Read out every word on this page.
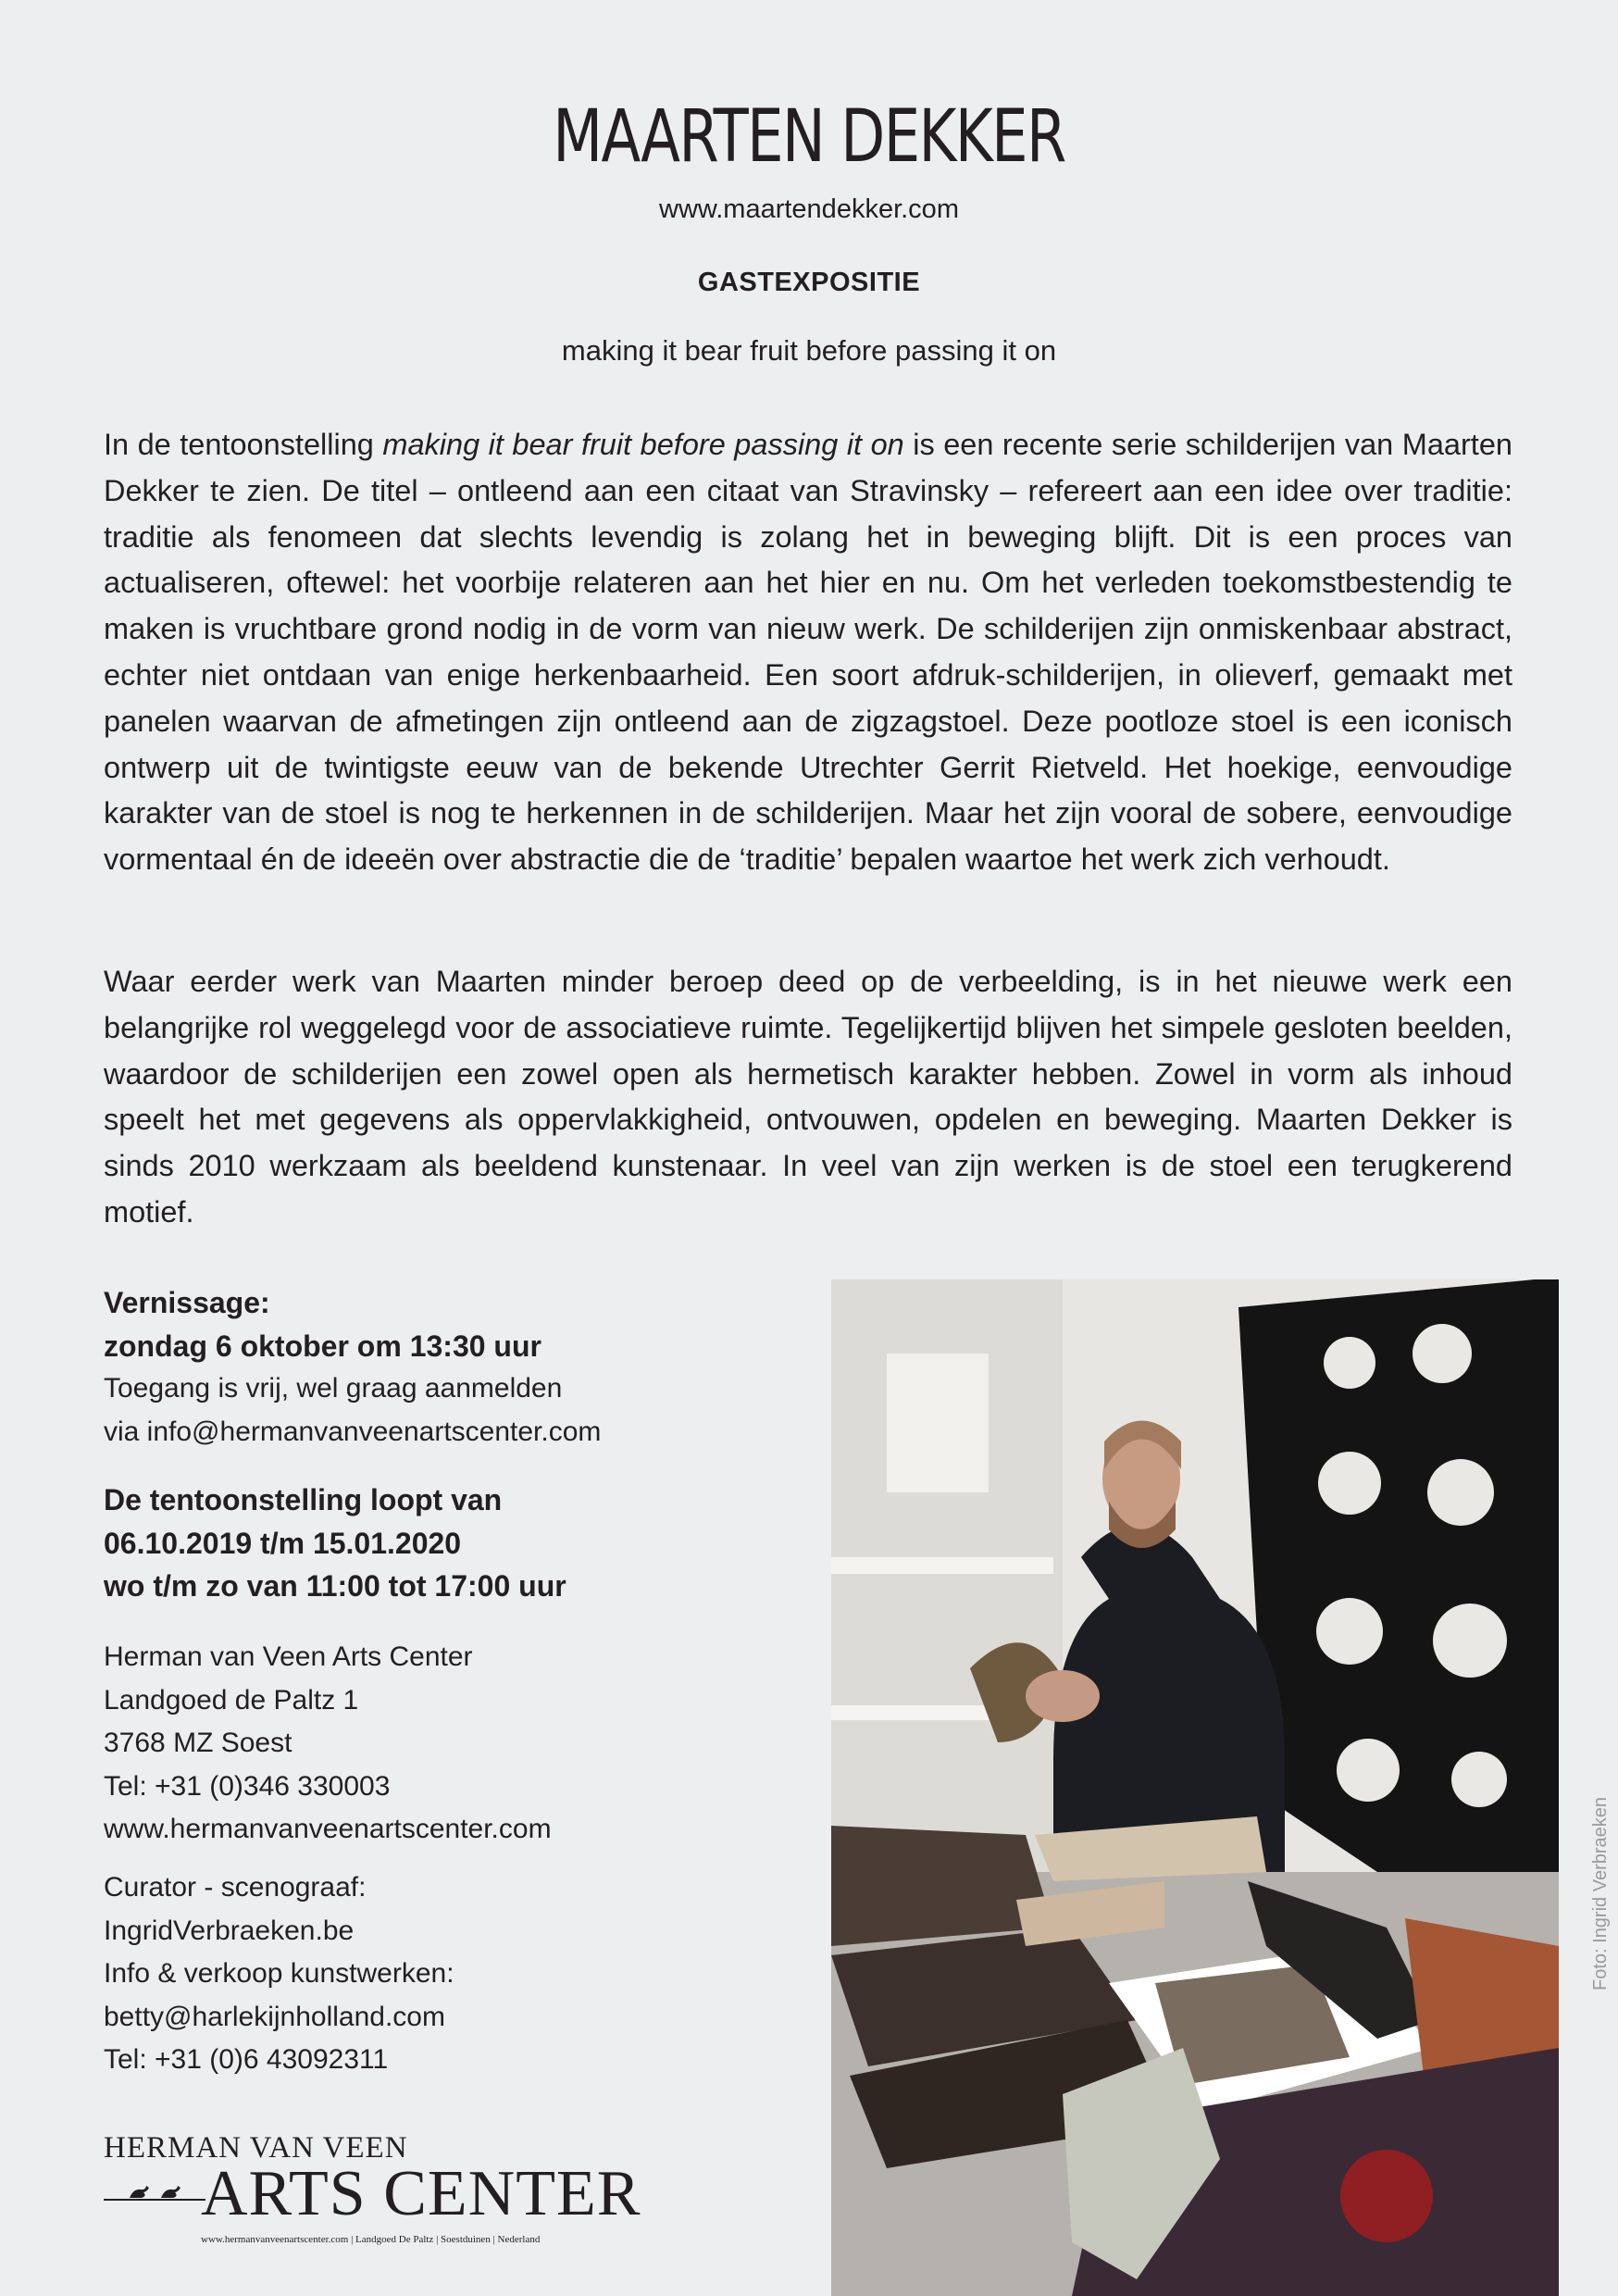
MAARTEN DEKKER
www.maartendekker.com
GASTEXPOSITIE
making it bear fruit before passing it on

In de tentoonstelling making it bear fruit before passing it on is een recente serie schilderijen van Maarten Dekker te zien. De titel – ontleend aan een citaat van Stravinsky – refereert aan een idee over traditie: traditie als fenomeen dat slechts levendig is zolang het in beweging blijft. Dit is een proces van actualiseren, oftewel: het voorbije relateren aan het hier en nu. Om het verleden toekomstbestendig te maken is vruchtbare grond nodig in de vorm van nieuw werk. De schilderijen zijn onmiskenbaar abstract, echter niet ontdaan van enige herkenbaarheid. Een soort afdruk-schilderijen, in olieverf, gemaakt met panelen waarvan de afmetingen zijn ontleend aan de zigzagstoel. Deze pootloze stoel is een iconisch ontwerp uit de twintigste eeuw van de bekende Utrechter Gerrit Rietveld. Het hoekige, eenvoudige karakter van de stoel is nog te herkennen in de schilderijen. Maar het zijn vooral de sobere, eenvoudige vormentaal én de ideeën over abstractie die de ‘traditie’ bepalen waartoe het werk zich verhoudt.

Waar eerder werk van Maarten minder beroep deed op de verbeelding, is in het nieuwe werk een belangrijke rol weggelegd voor de associatieve ruimte. Tegelijkertijd blijven het simpele gesloten beelden, waardoor de schilderijen een zowel open als hermetisch karakter hebben. Zowel in vorm als inhoud speelt het met gegevens als oppervlakkigheid, ontvouwen, opdelen en beweging. Maarten Dekker is sinds 2010 werkzaam als beeldend kunstenaar. In veel van zijn werken is de stoel een terugkerend motief.

Vernissage:
zondag 6 oktober om 13:30 uur
Toegang is vrij, wel graag aanmelden
via info@hermanvanveenartscenter.com
De tentoonstelling loopt van
06.10.2019 t/m 15.01.2020
wo t/m zo van 11:00 tot 17:00 uur
Herman van Veen Arts Center
Landgoed de Paltz 1
3768 MZ Soest
Tel: +31 (0)346 330003
www.hermanvanveenartscenter.com
Curator - scenograaf:
IngridVerbraeken.be
Info & verkoop kunstwerken:
betty@harlekijnholland.com
Tel: +31 (0)6 43092311
HERMAN VAN VEEN
ARTS CENTER
www.hermanvanveenartscenter.com | Landgoed De Paltz | Soestduinen | Nederland
Foto: Ingrid Verbraeken
